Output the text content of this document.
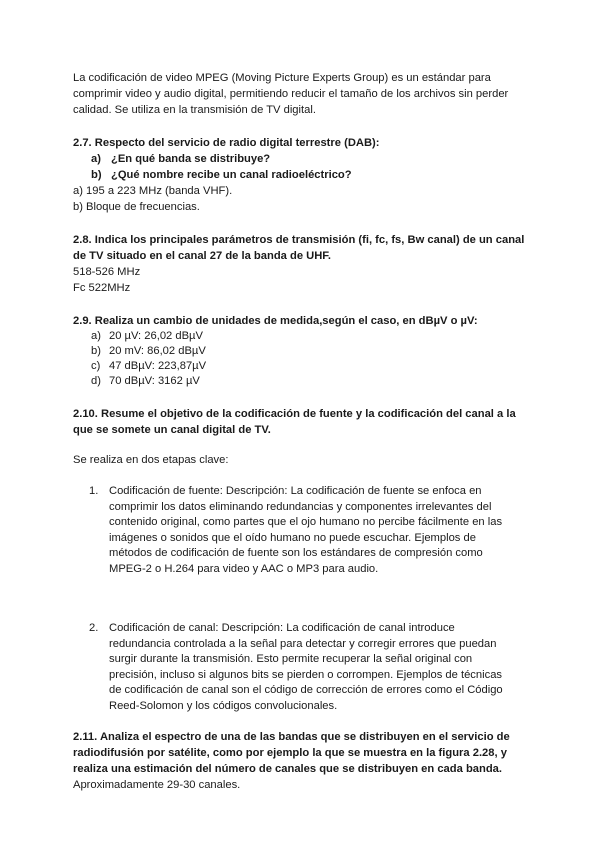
La codificación de video MPEG (Moving Picture Experts Group) es un estándar para comprimir video y audio digital, permitiendo reducir el tamaño de los archivos sin perder calidad. Se utiliza en la transmisión de TV digital.

2.7. Respecto del servicio de radio digital terrestre (DAB):

a) ¿En qué banda se distribuye?
b) ¿Qué nombre recibe un canal radioeléctrico?

a) 195 a 223 MHz (banda VHF).

b) Bloque de frecuencias.

2.8. Indica los principales parámetros de transmisión (fi, fc, fs, Bw canal) de un canal de TV situado en el canal 27 de la banda de UHF.

518-526 MHz

Fc 522MHz

2.9. Realiza un cambio de unidades de medida,según el caso, en dBµV o µV:

a) 20 µV: 26,02 dBµV
b) 20 mV: 86,02 dBµV
c) 47 dBµV: 223,87µV
d) 70 dBµV: 3162 µV

2.10. Resume el objetivo de la codificación de fuente y la codificación del canal a la que se somete un canal digital de TV.

Se realiza en dos etapas clave:

1. Codificación de fuente: Descripción: La codificación de fuente se enfoca en comprimir los datos eliminando redundancias y componentes irrelevantes del contenido original, como partes que el ojo humano no percibe fácilmente en las imágenes o sonidos que el oído humano no puede escuchar. Ejemplos de métodos de codificación de fuente son los estándares de compresión como MPEG-2 o H.264 para video y AAC o MP3 para audio.
2. Codificación de canal: Descripción: La codificación de canal introduce redundancia controlada a la señal para detectar y corregir errores que puedan surgir durante la transmisión. Esto permite recuperar la señal original con precisión, incluso si algunos bits se pierden o corrompen. Ejemplos de técnicas de codificación de canal son el código de corrección de errores como el Código Reed-Solomon y los códigos convolucionales.

2.11. Analiza el espectro de una de las bandas que se distribuyen en el servicio de radiodifusión por satélite, como por ejemplo la que se muestra en la figura 2.28, y realiza una estimación del número de canales que se distribuyen en cada banda.

Aproximadamente 29-30 canales.
